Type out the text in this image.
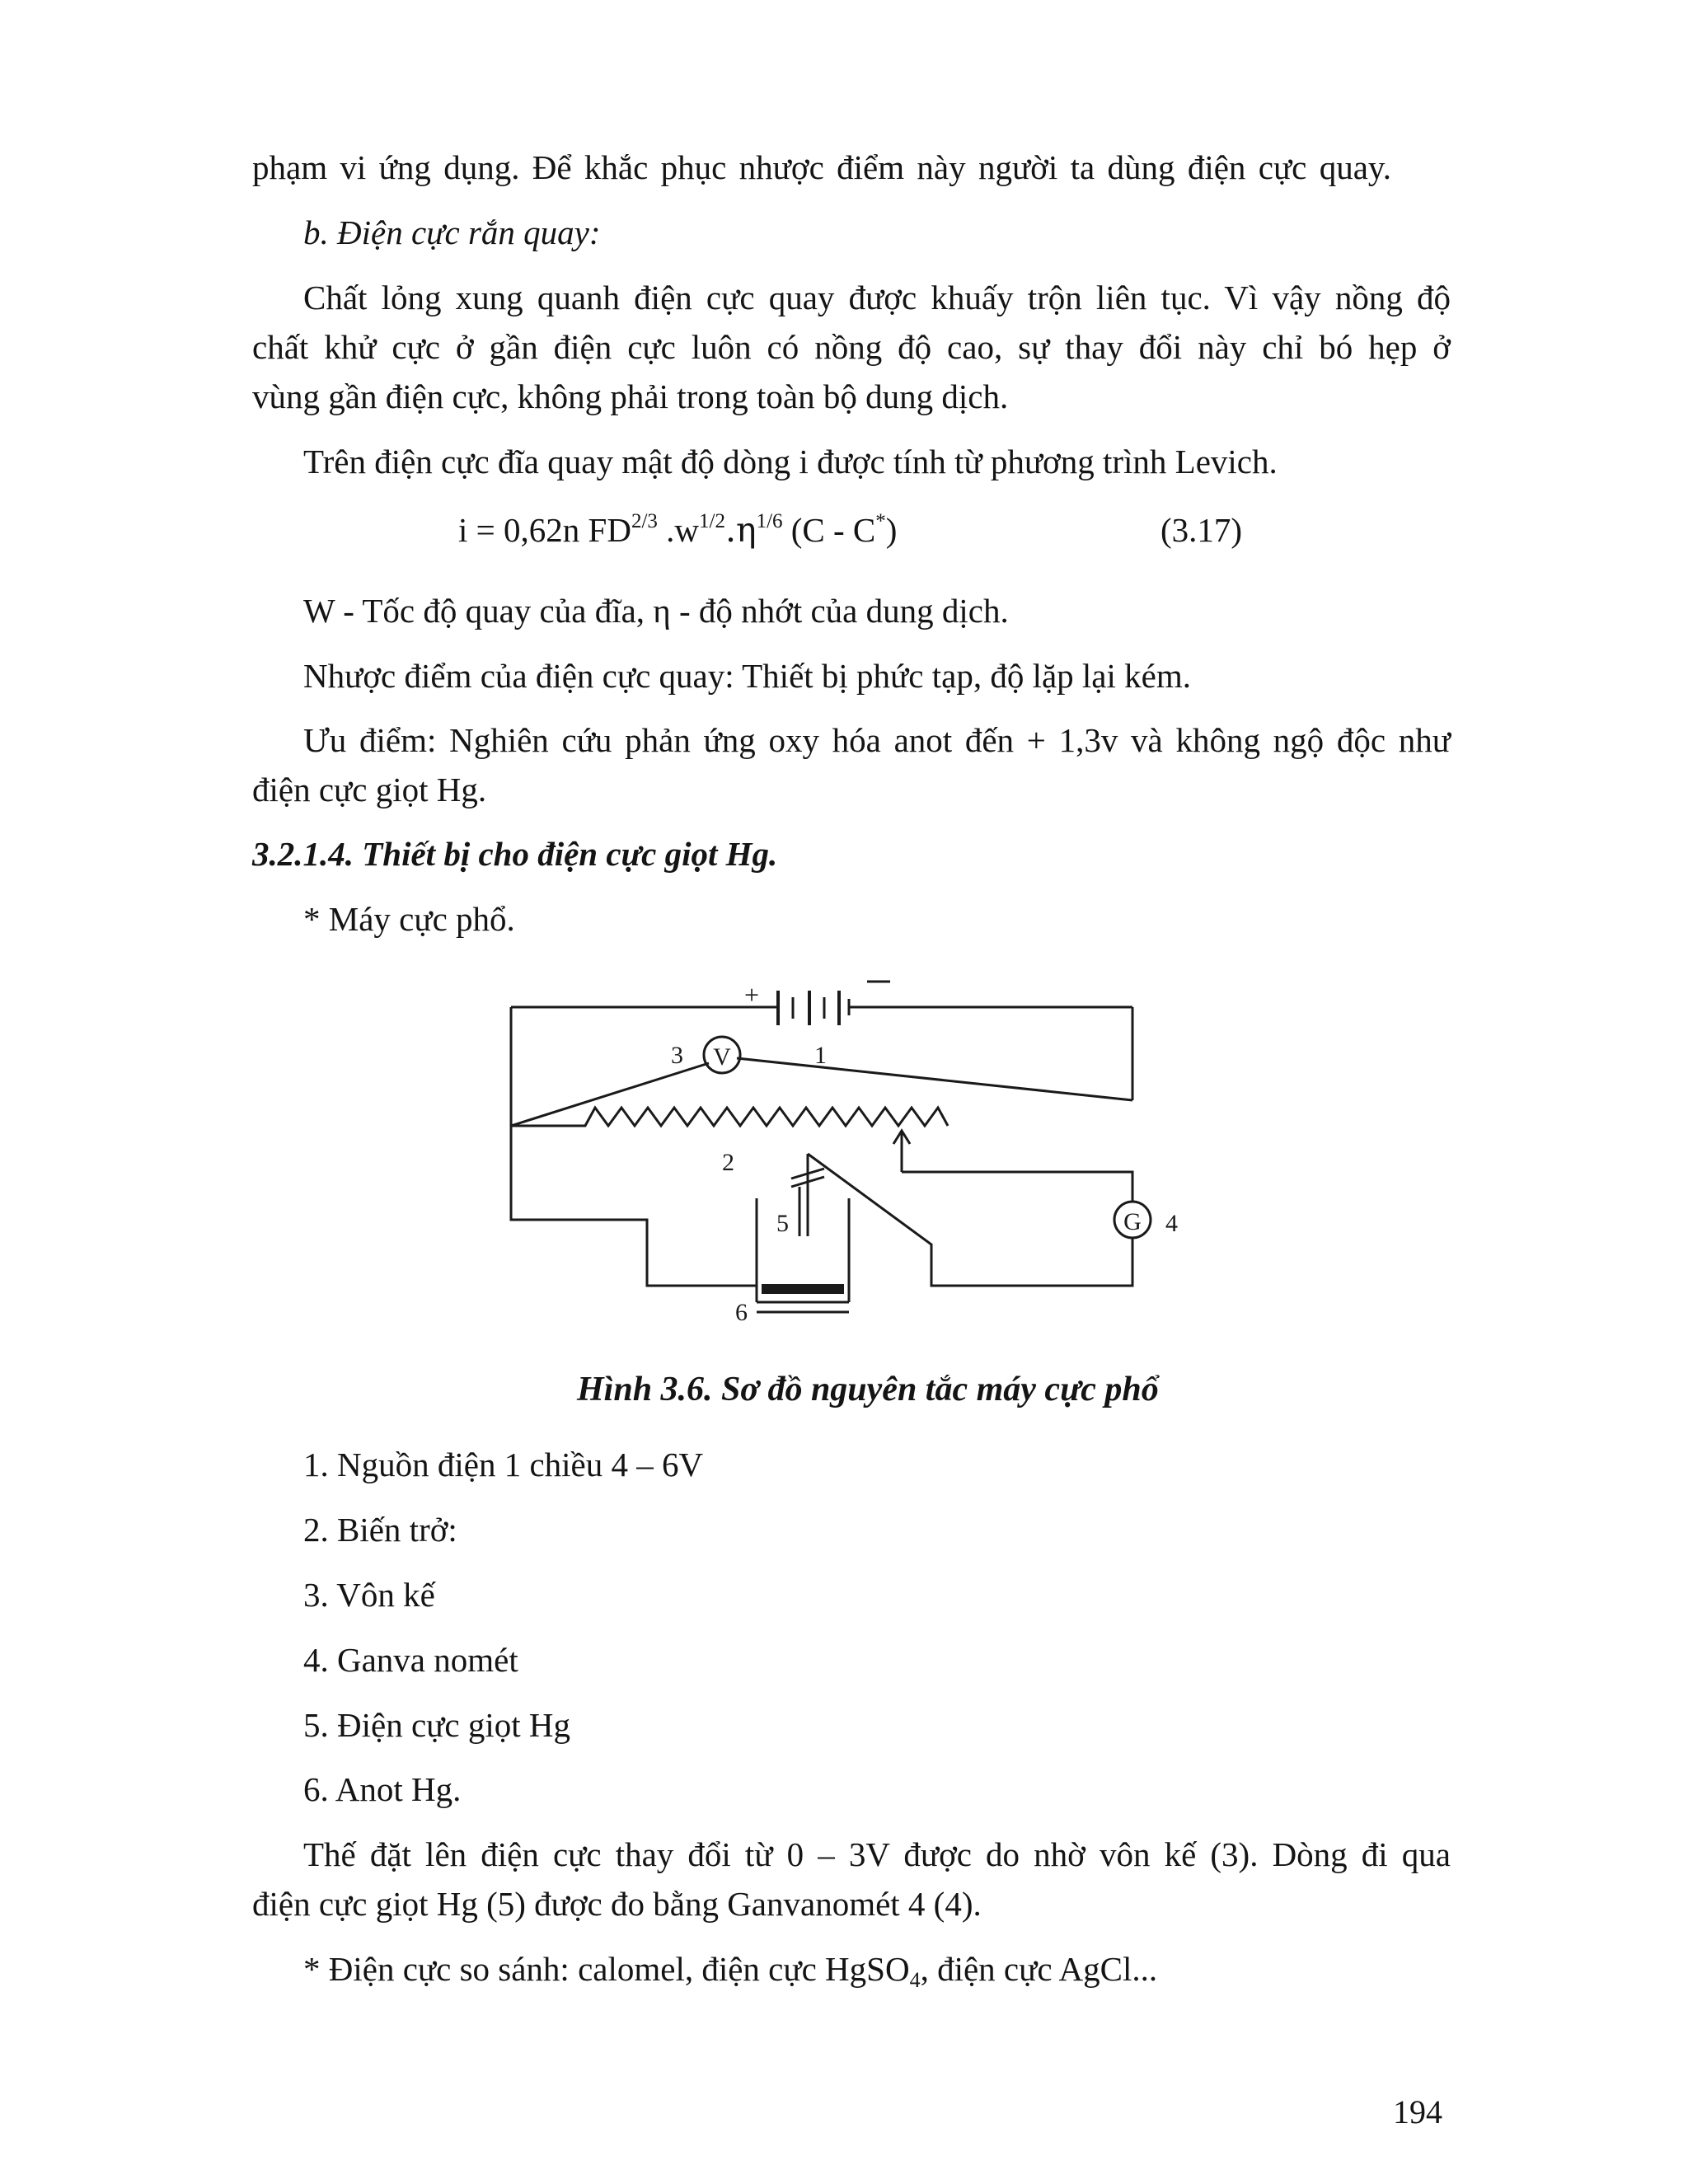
phạm vi ứng dụng. Để khắc phục nhược điểm này người ta dùng điện cực quay.
b. Điện cực rắn quay:
Chất lỏng xung quanh điện cực quay được khuấy trộn liên tục. Vì vậy nồng độ
chất khử cực ở gần điện cực luôn có nồng độ cao, sự thay đổi này chỉ bó hẹp ở
vùng gần điện cực, không phải trong toàn bộ dung dịch.
Trên điện cực đĩa quay mật độ dòng i được tính từ phương trình Levich.
i = 0,62n $FD^{2/3}$ $.w^{1/2}.\eta^{1/6}$ (C - C*)	(3.17)
W - Tốc độ quay của đĩa, η - độ nhớt của dung dịch.
Nhược điểm của điện cực quay: Thiết bị phức tạp, độ lặp lại kém.
Ưu điểm: Nghiên cứu phản ứng oxy hóa anot đến + 1,3v và không ngộ độc như
điện cực giọt Hg.
3.2.1.4. Thiết bị cho điện cực giọt Hg.
* Máy cực phổ.
+
V
G
1
2
3
4
5
6
Hình 3.6. Sơ đồ nguyên tắc máy cực phổ
1. Nguồn điện 1 chiều 4 – 6V
2. Biến trở:
3. Vôn kế
4. Ganva nomét
5. Điện cực giọt Hg
6. Anot Hg.
Thế đặt lên điện cực thay đổi từ 0 – 3V được do nhờ vôn kế (3). Dòng đi qua
điện cực giọt Hg (5) được đo bằng Ganvanomét 4 (4).
* Điện cực so sánh: calomel, điện cực HgSO$_4$, điện cực AgCl...
194
